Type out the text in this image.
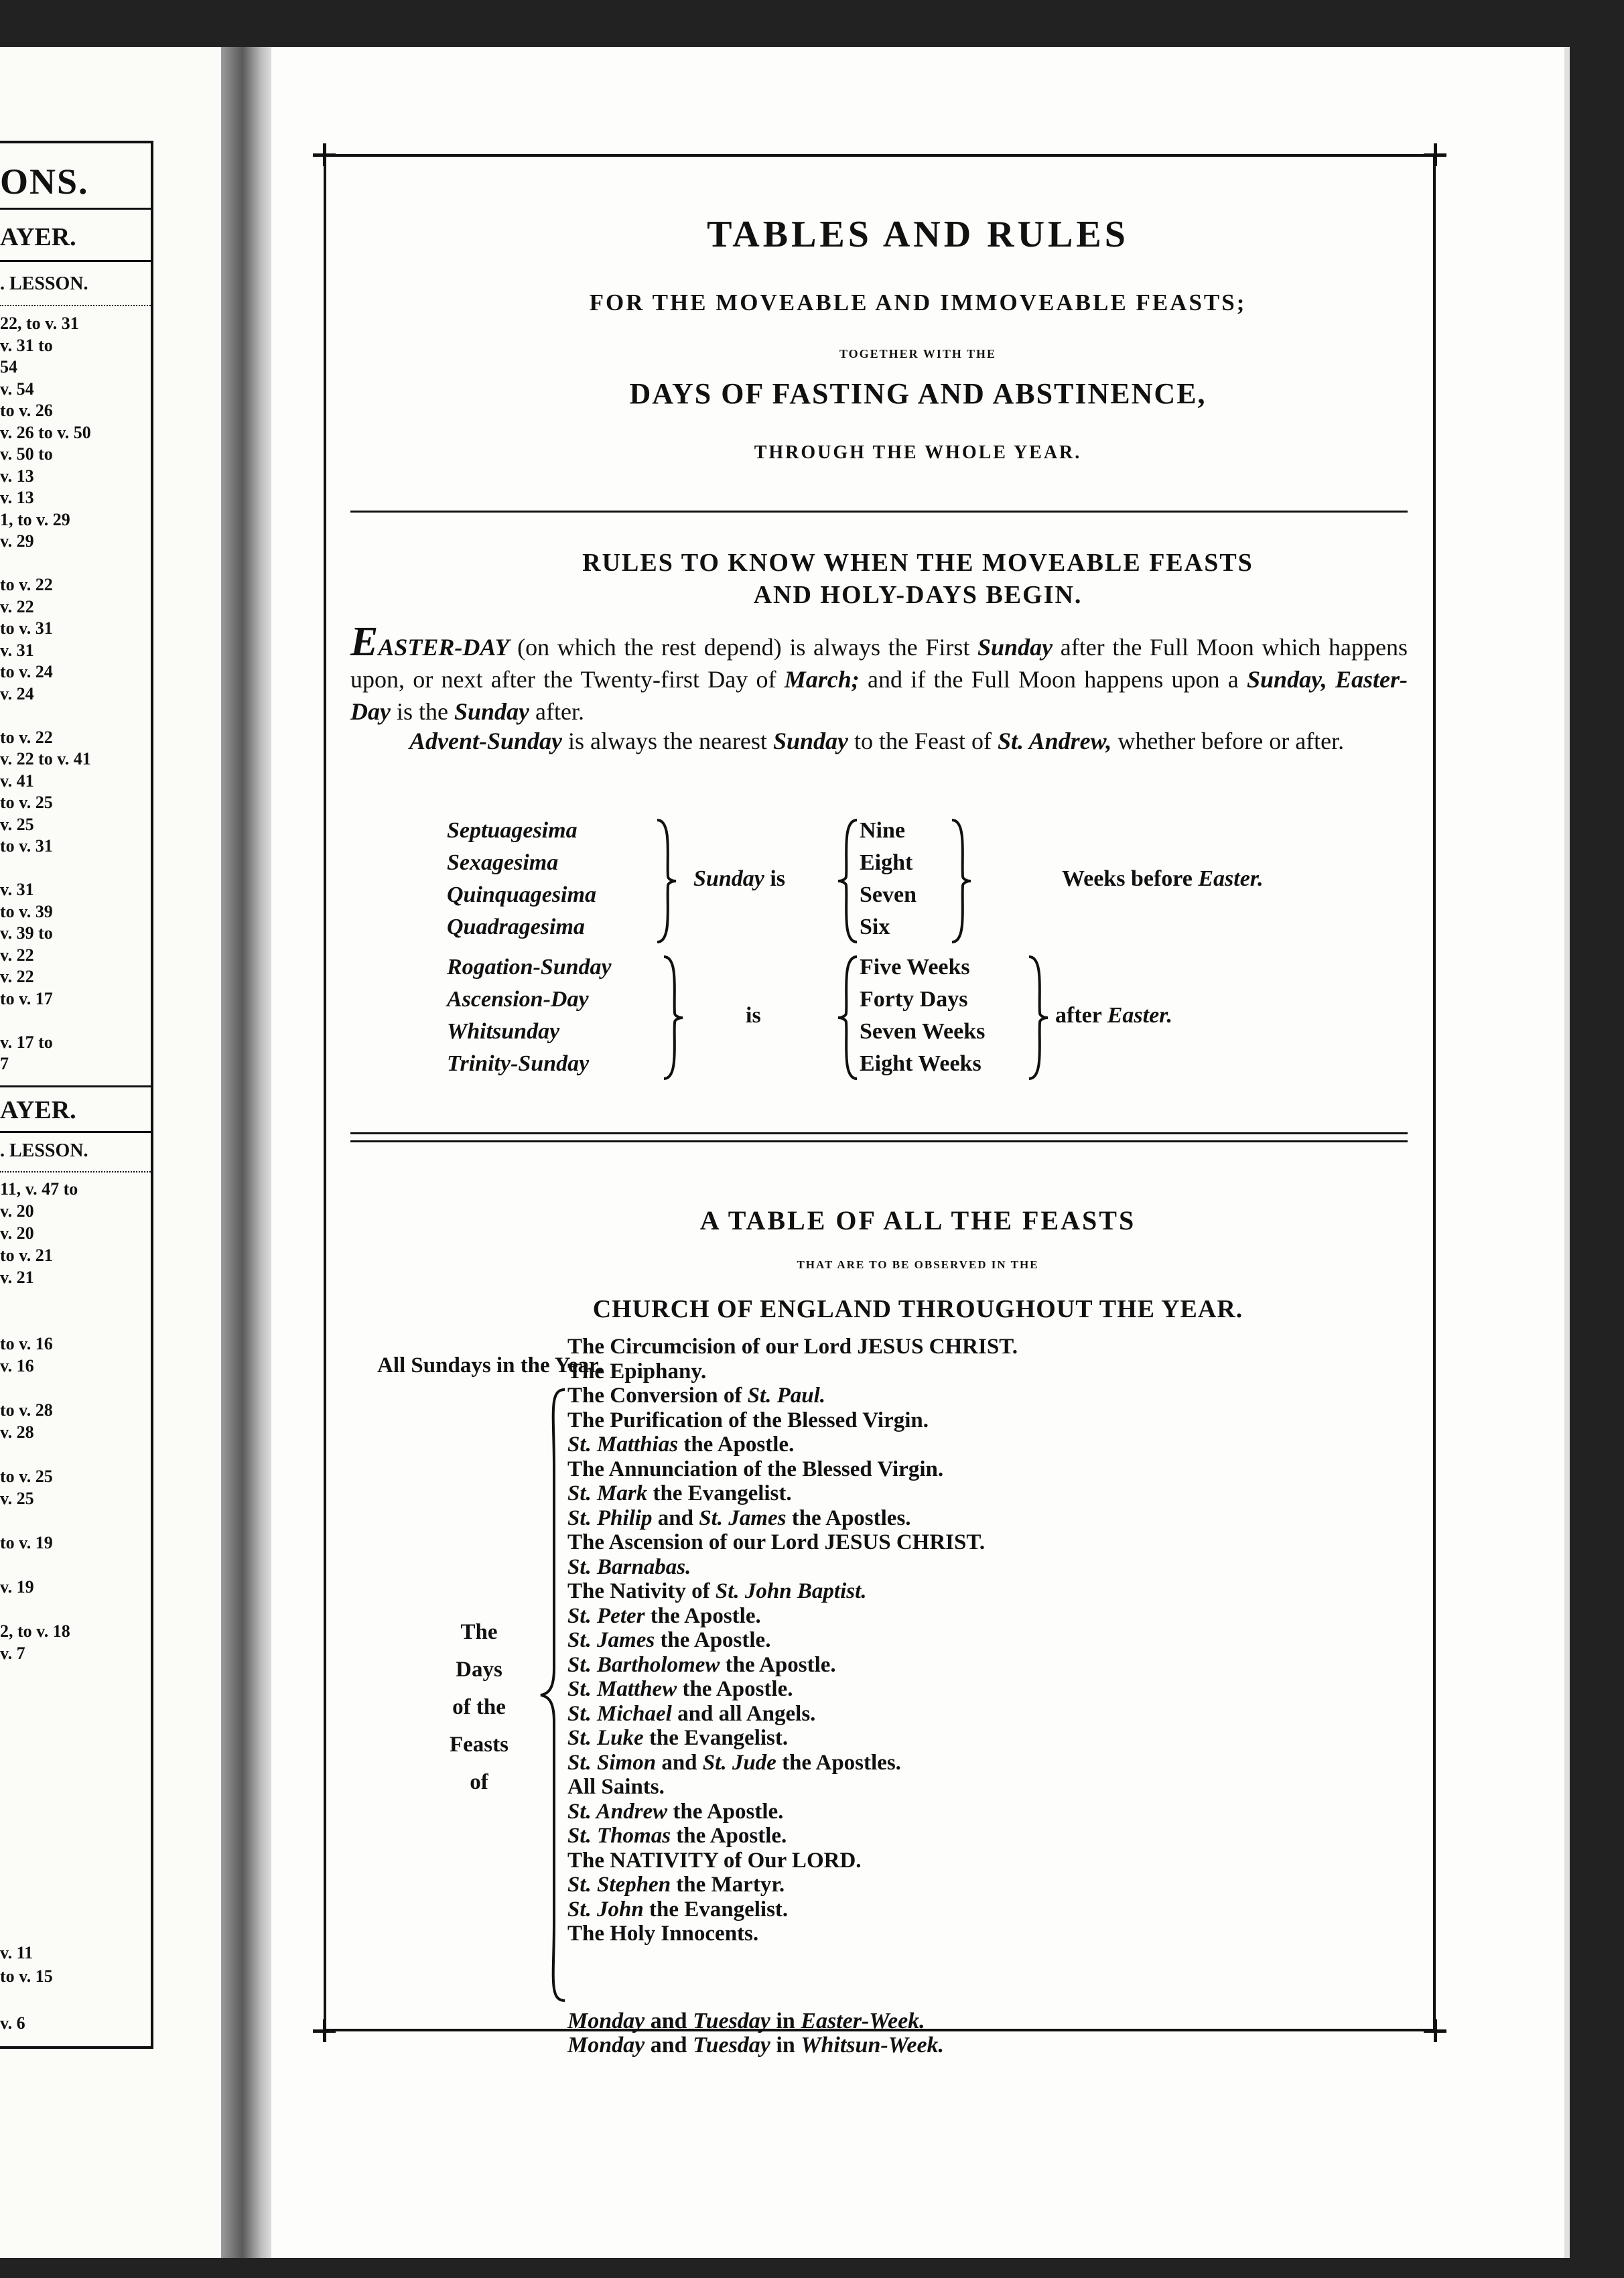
ONS.
AYER.
. LESSON.
22, to v. 31
v. 31 to
54
v. 54
to v. 26
v. 26 to v. 50
v. 50 to
v. 13
v. 13
1, to v. 29
v. 29
to v. 22
v. 22
to v. 31
v. 31
to v. 24
v. 24
to v. 22
v. 22 to v. 41
v. 41
to v. 25
v. 25
to v. 31
v. 31
to v. 39
v. 39 to
v. 22
v. 22
to v. 17
v. 17 to
7
AYER.
. LESSON.
11, v. 47 to
v. 20
v. 20
to v. 21
v. 21
to v. 16
v. 16
to v. 28
v. 28
to v. 25
v. 25
to v. 19
v. 19
2, to v. 18
v. 7
v. 11
to v. 15
v. 6
TABLES AND RULES
FOR THE MOVEABLE AND IMMOVEABLE FEASTS;
TOGETHER WITH THE
DAYS OF FASTING AND ABSTINENCE,
THROUGH THE WHOLE YEAR.
RULES TO KNOW WHEN THE MOVEABLE FEASTS
AND HOLY-DAYS BEGIN.
EASTER-DAY (on which the rest depend) is always the First Sunday after the Full Moon which happens upon, or next after the Twenty-first Day of March; and if the Full Moon happens upon a Sunday, Easter-Day is the Sunday after.
Advent-Sunday is always the nearest Sunday to the Feast of St. Andrew, whether before or after.
Septuagesima
Sexagesima
Quinquagesima
Quadragesima
Sunday is
Nine
Eight
Seven
Six
Weeks before Easter.
Rogation-Sunday
Ascension-Day
Whitsunday
Trinity-Sunday
is
Five Weeks
Forty Days
Seven Weeks
Eight Weeks
after Easter.
A TABLE OF ALL THE FEASTS
THAT ARE TO BE OBSERVED IN THE
CHURCH OF ENGLAND THROUGHOUT THE YEAR.
All Sundays in the Year.
The
Days
of the
Feasts
of
The Circumcision of our Lord JESUS CHRIST.
The Epiphany.
The Conversion of St. Paul.
The Purification of the Blessed Virgin.
St. Matthias the Apostle.
The Annunciation of the Blessed Virgin.
St. Mark the Evangelist.
St. Philip and St. James the Apostles.
The Ascension of our Lord JESUS CHRIST.
St. Barnabas.
The Nativity of St. John Baptist.
St. Peter the Apostle.
St. James the Apostle.
St. Bartholomew the Apostle.
St. Matthew the Apostle.
St. Michael and all Angels.
St. Luke the Evangelist.
St. Simon and St. Jude the Apostles.
All Saints.
St. Andrew the Apostle.
St. Thomas the Apostle.
The NATIVITY of Our LORD.
St. Stephen the Martyr.
St. John the Evangelist.
The Holy Innocents.
Monday and Tuesday in Easter-Week.
Monday and Tuesday in Whitsun-Week.
